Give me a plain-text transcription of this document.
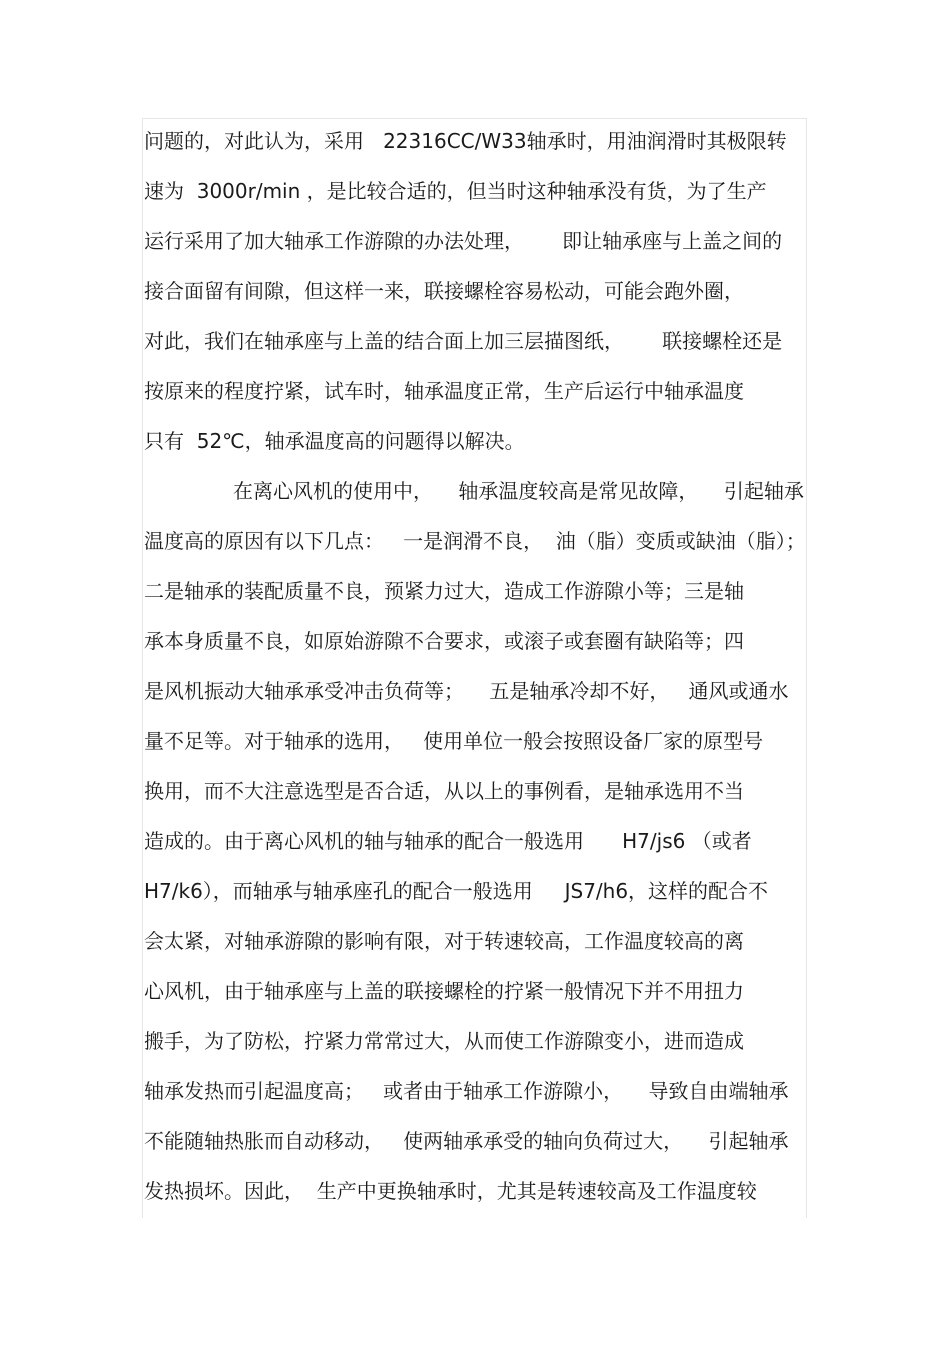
问题的，对此认为，采用   22316CC/W33轴承时，用油润滑时其极限转
速为  3000r/min ，是比较合适的，但当时这种轴承没有货，为了生产
运行采用了加大轴承工作游隙的办法处理，      即让轴承座与上盖之间的
接合面留有间隙，但这样一来，联接螺栓容易松动，可能会跑外圈，
对此，我们在轴承座与上盖的结合面上加三层描图纸，      联接螺栓还是
按原来的程度拧紧，试车时，轴承温度正常，生产后运行中轴承温度
只有  52℃，轴承温度高的问题得以解决。
在离心风机的使用中，    轴承温度较高是常见故障，    引起轴承
温度高的原因有以下几点：   一是润滑不良，  油（脂）变质或缺油（脂）；
二是轴承的装配质量不良，预紧力过大，造成工作游隙小等；三是轴
承本身质量不良，如原始游隙不合要求，或滚子或套圈有缺陷等；四
是风机振动大轴承承受冲击负荷等；    五是轴承冷却不好，   通风或通水
量不足等。对于轴承的选用，   使用单位一般会按照设备厂家的原型号
换用，而不大注意选型是否合适，从以上的事例看，是轴承选用不当
造成的。由于离心风机的轴与轴承的配合一般选用      H7/js6 （或者
H7/k6），而轴承与轴承座孔的配合一般选用     JS7/h6，这样的配合不
会太紧，对轴承游隙的影响有限，对于转速较高，工作温度较高的离
心风机，由于轴承座与上盖的联接螺栓的拧紧一般情况下并不用扭力
搬手，为了防松，拧紧力常常过大，从而使工作游隙变小，进而造成
轴承发热而引起温度高；   或者由于轴承工作游隙小，    导致自由端轴承
不能随轴热胀而自动移动，   使两轴承承受的轴向负荷过大，    引起轴承
发热损坏。因此，  生产中更换轴承时，尤其是转速较高及工作温度较
